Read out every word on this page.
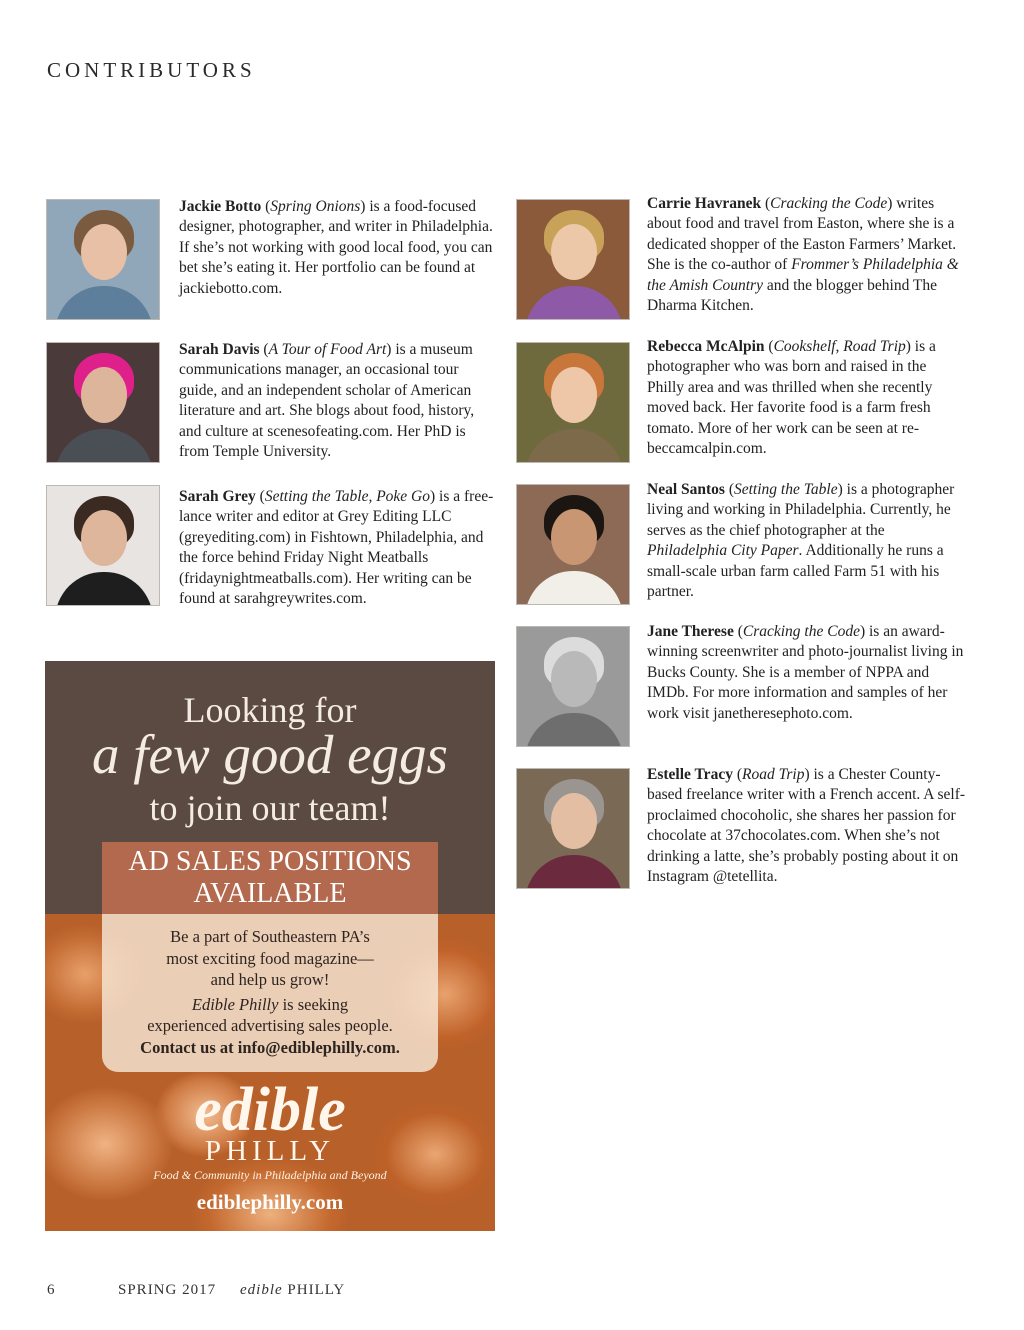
CONTRIBUTORS
Jackie Botto (Spring Onions) is a food-focused designer, photographer, and writer in Philadelphia. If she’s not working with good local food, you can bet she’s eating it. Her portfolio can be found at jackiebotto.com.
Sarah Davis (A Tour of Food Art) is a museum communications manager, an occasional tour guide, and an independent scholar of American literature and art. She blogs about food, history, and culture at scenesofeating.com. Her PhD is from Temple University.
Sarah Grey (Setting the Table, Poke Go) is a free-lance writer and editor at Grey Editing LLC (greyediting.com) in Fishtown, Philadelphia, and the force behind Friday Night Meatballs (fridaynightmeatballs.com). Her writing can be found at sarahgreywrites.com.
Carrie Havranek (Cracking the Code) writes about food and travel from Easton, where she is a dedicated shopper of the Easton Farmers’ Market. She is the co-author of Frommer’s Philadelphia & the Amish Country and the blogger behind The Dharma Kitchen.
Rebecca McAlpin (Cookshelf, Road Trip) is a photographer who was born and raised in the Philly area and was thrilled when she recently moved back. Her favorite food is a farm fresh tomato. More of her work can be seen at re-beccamcalpin.com.
Neal Santos (Setting the Table) is a photographer living and working in Philadelphia. Currently, he serves as the chief photographer at the Philadelphia City Paper. Additionally he runs a small-scale urban farm called Farm 51 with his partner.
Jane Therese (Cracking the Code) is an award-winning screenwriter and photo-journalist living in Bucks County. She is a member of NPPA and IMDb. For more information and samples of her work visit janetheresephoto.com.
Estelle Tracy (Road Trip) is a Chester County-based freelance writer with a French accent. A self-proclaimed chocoholic, she shares her passion for chocolate at 37chocolates.com. When she’s not drinking a latte, she’s probably posting about it on Instagram @tetellita.
Looking for
a few good eggs
to join our team!
AD SALES POSITIONS
AVAILABLE
Be a part of Southeastern PA’s
most exciting food magazine—
and help us grow!
Edible Philly is seeking
experienced advertising sales people.
Contact us at info@ediblephilly.com.
edible
PHILLY
Food & Community in Philadelphia and Beyond
ediblephilly.com
6	SPRING 2017 edible PHILLY
